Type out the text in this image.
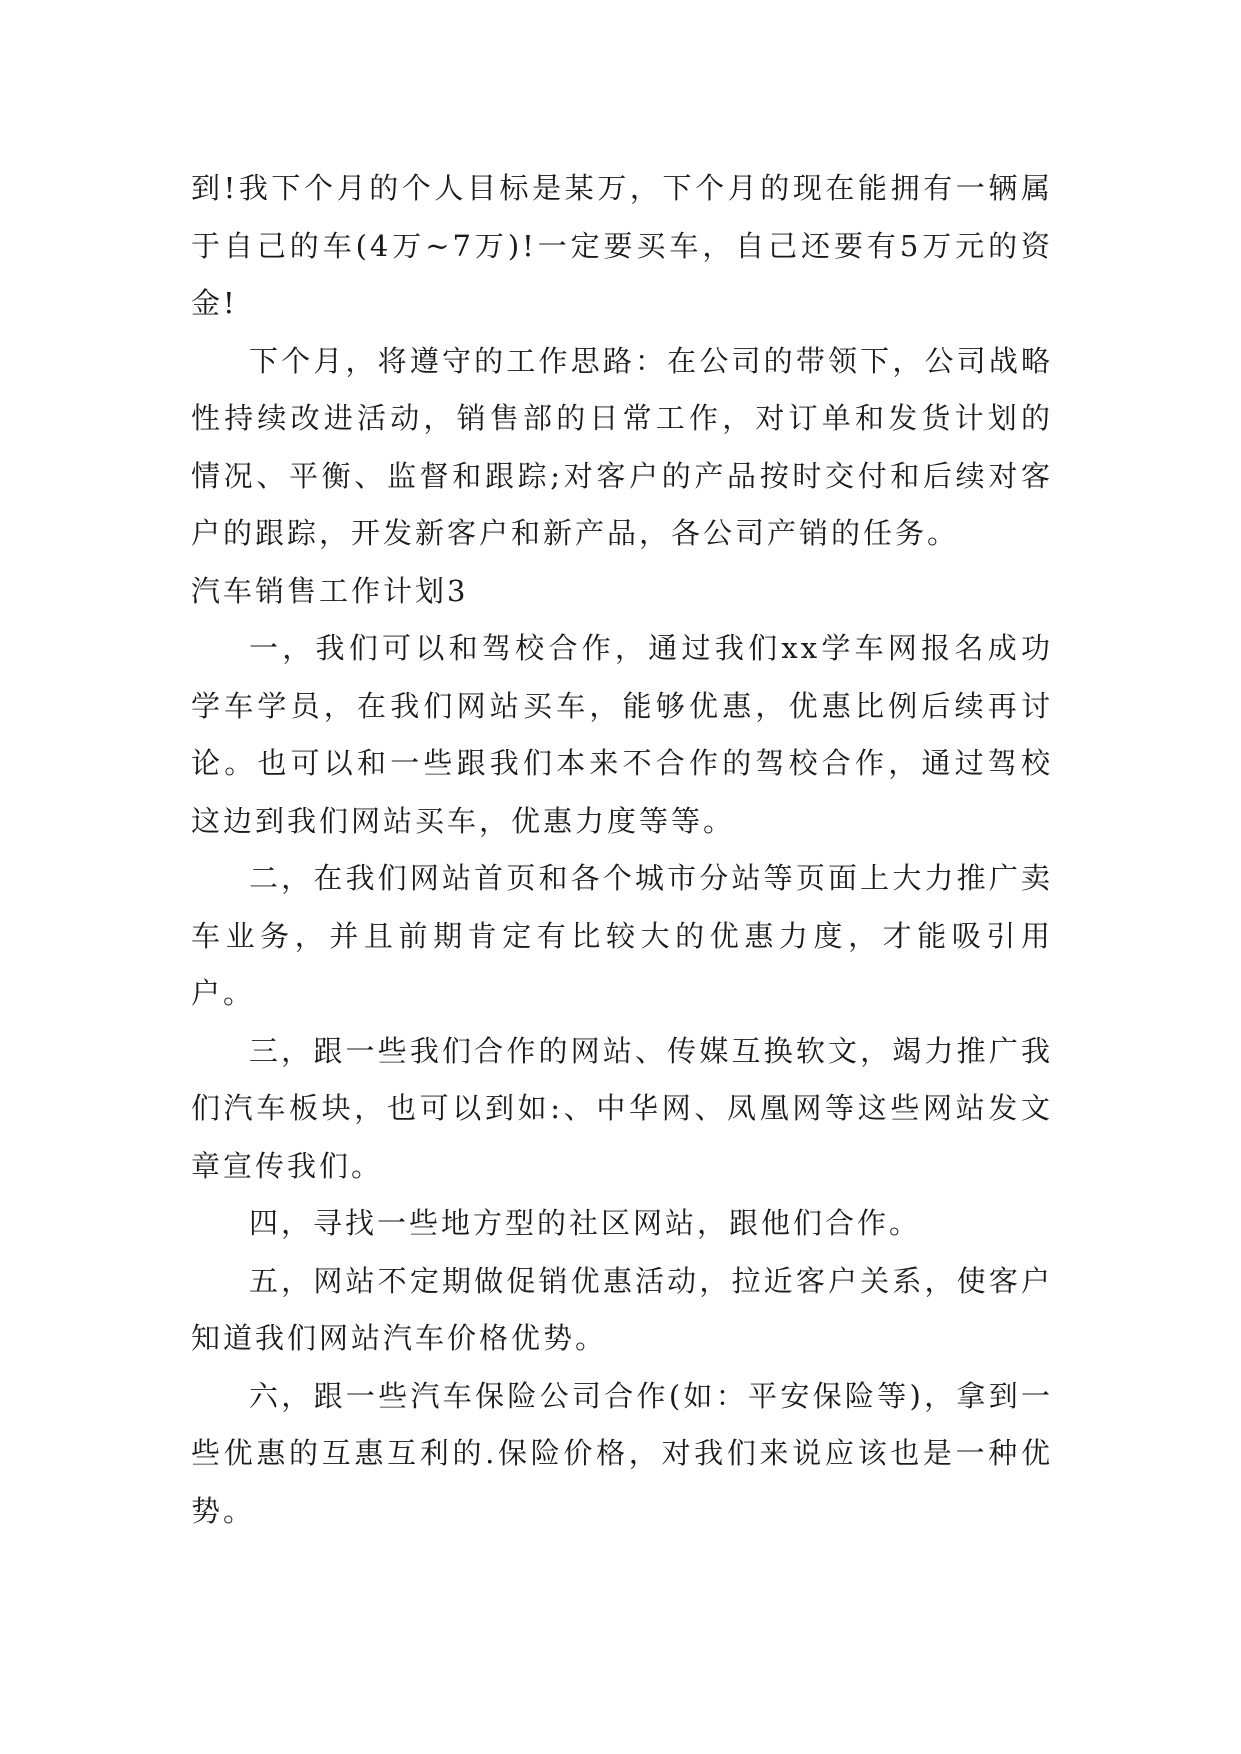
到!我下个月的个人目标是某万，下个月的现在能拥有一辆属于自己的车(4万~7万)!一定要买车，自己还要有5万元的资金!

下个月，将遵守的工作思路：在公司的带领下，公司战略性持续改进活动，销售部的日常工作，对订单和发货计划的情况、平衡、监督和跟踪;对客户的产品按时交付和后续对客户的跟踪，开发新客户和新产品，各公司产销的任务。

汽车销售工作计划3

一，我们可以和驾校合作，通过我们xx学车网报名成功学车学员，在我们网站买车，能够优惠，优惠比例后续再讨论。也可以和一些跟我们本来不合作的驾校合作，通过驾校这边到我们网站买车，优惠力度等等。

二，在我们网站首页和各个城市分站等页面上大力推广卖车业务，并且前期肯定有比较大的优惠力度，才能吸引用户。

三，跟一些我们合作的网站、传媒互换软文，竭力推广我们汽车板块，也可以到如:、中华网、凤凰网等这些网站发文章宣传我们。

四，寻找一些地方型的社区网站，跟他们合作。

五，网站不定期做促销优惠活动，拉近客户关系，使客户知道我们网站汽车价格优势。

六，跟一些汽车保险公司合作(如：平安保险等)，拿到一些优惠的互惠互利的.保险价格，对我们来说应该也是一种优势。
